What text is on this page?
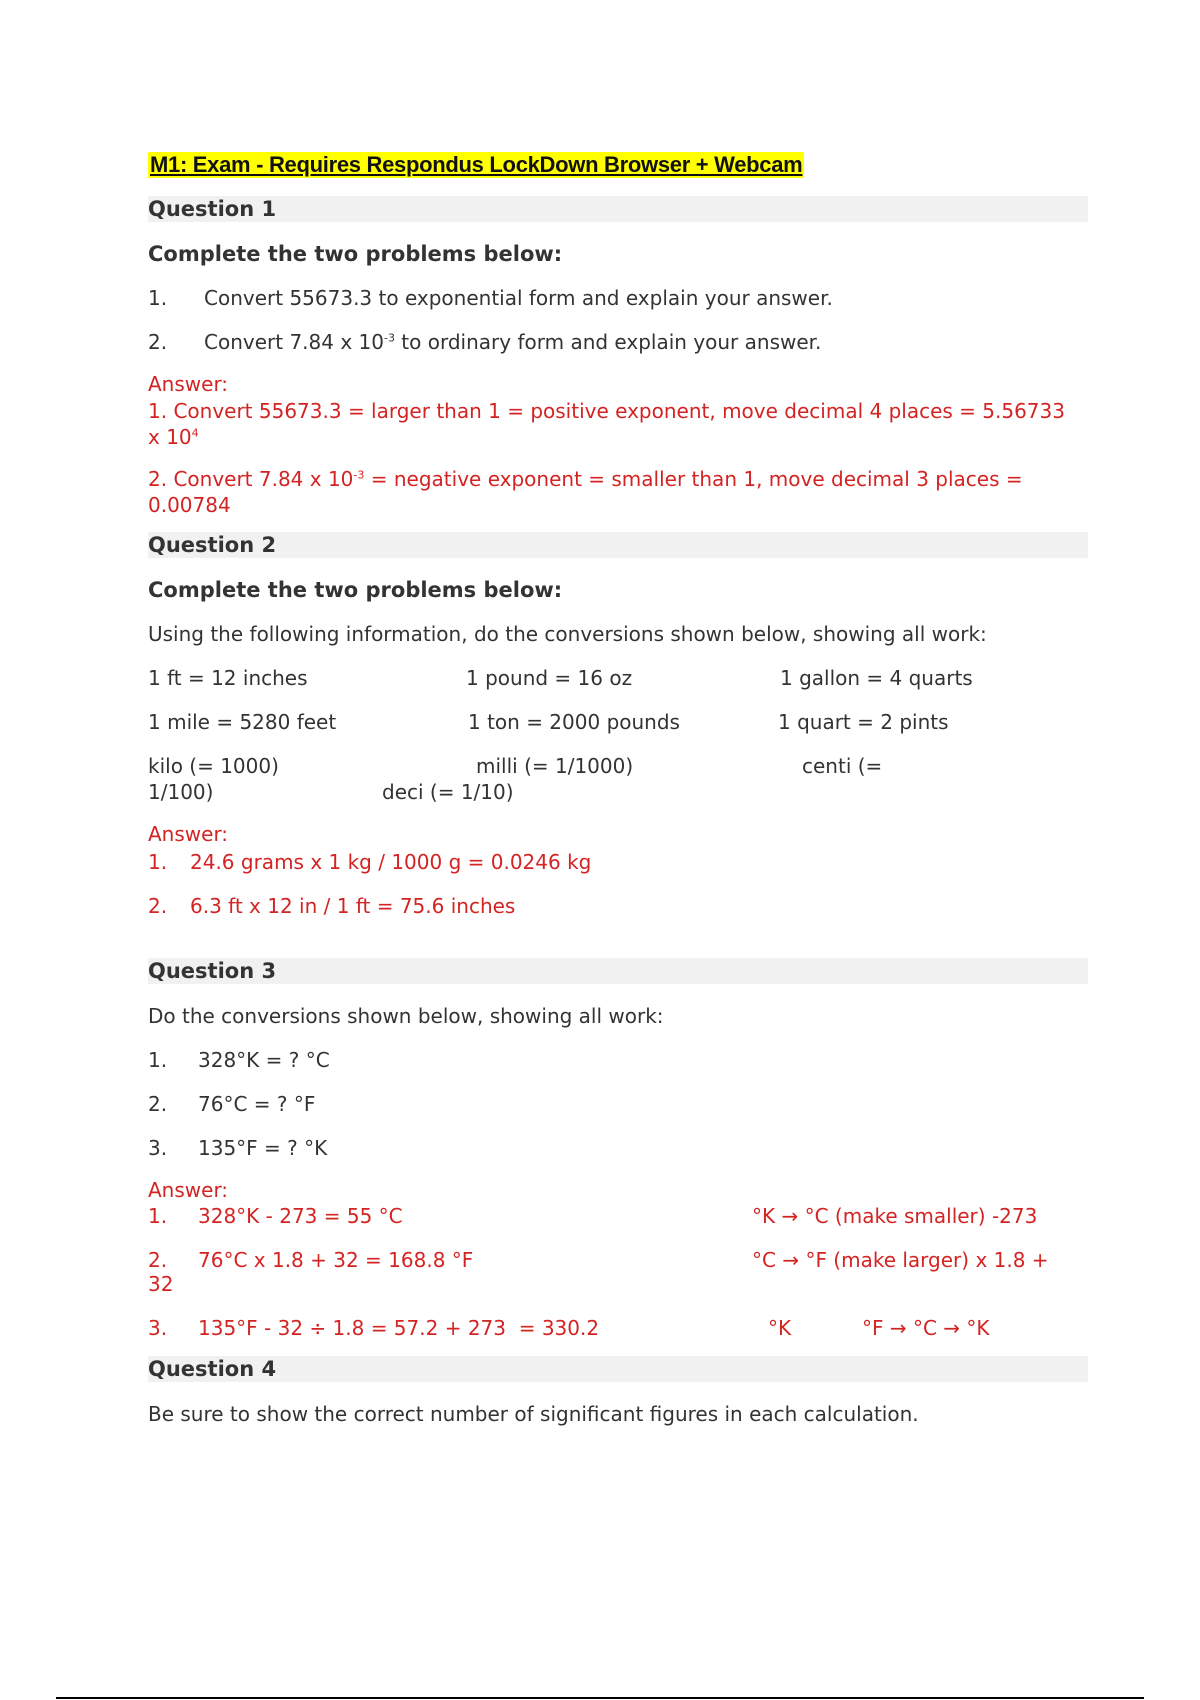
M1: Exam - Requires Respondus LockDown Browser + Webcam
Question 1
Complete the two problems below:
1. Convert 55673.3 to exponential form and explain your answer.
2. Convert 7.84 x $10^{-3}$ to ordinary form and explain your answer.
Answer:
1. Convert 55673.3 = larger than 1 = positive exponent, move decimal 4 places = 5.56733 x $10^4$
2. Convert 7.84 x $10^{-3}$ = negative exponent = smaller than 1, move decimal 3 places = 0.00784
Question 2
Complete the two problems below:
Using the following information, do the conversions shown below, showing all work:
1 ft = 12 inches	1 pound = 16 oz	1 gallon = 4 quarts
1 mile = 5280 feet	1 ton = 2000 pounds	1 quart = 2 pints
kilo (= 1000)	milli (= 1/1000)	centi (=
1/100)	deci (= 1/10)
Answer:
1. 24.6 grams x 1 kg / 1000 g = 0.0246 kg
2. 6.3 ft x 12 in / 1 ft = 75.6 inches
Question 3
Do the conversions shown below, showing all work:
1. 328°K = ? °C
2. 76°C = ? °F
3. 135°F = ? °K
Answer:
1. 328°K - 273 = 55 °C	°K → °C (make smaller) -273
2. 76°C x 1.8 + 32 = 168.8 °F	°C → °F (make larger) x 1.8 +
32
3. 135°F - 32 ÷ 1.8 = 57.2 + 273  = 330.2	°K	°F → °C → °K
Question 4
Be sure to show the correct number of significant figures in each calculation.
